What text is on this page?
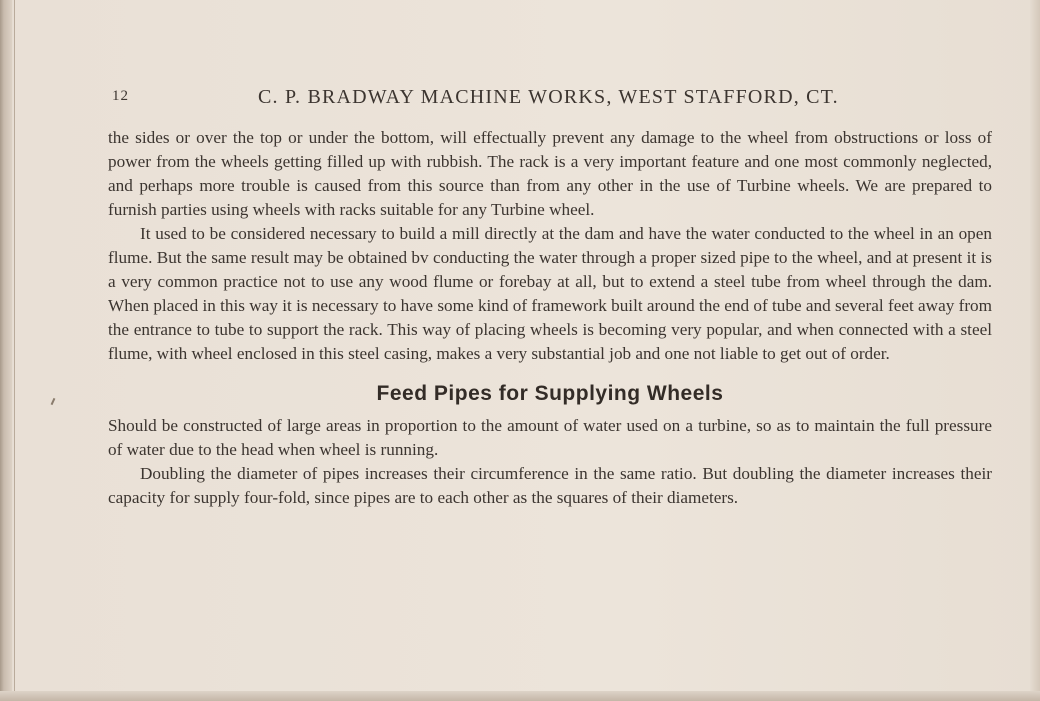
12	C. P. BRADWAY MACHINE WORKS, WEST STAFFORD, CT.

the sides or over the top or under the bottom, will effectually prevent any damage to the wheel from obstructions or loss of power from the wheels getting filled up with rubbish. The rack is a very important feature and one most commonly neglected, and perhaps more trouble is caused from this source than from any other in the use of Turbine wheels. We are prepared to furnish parties using wheels with racks suitable for any Turbine wheel.

It used to be considered necessary to build a mill directly at the dam and have the water conducted to the wheel in an open flume. But the same result may be obtained bv conducting the water through a proper sized pipe to the wheel, and at present it is a very common practice not to use any wood flume or forebay at all, but to extend a steel tube from wheel through the dam. When placed in this way it is necessary to have some kind of framework built around the end of tube and several feet away from the entrance to tube to support the rack. This way of placing wheels is becoming very popular, and when connected with a steel flume, with wheel enclosed in this steel casing, makes a very substantial job and one not liable to get out of order.

Feed Pipes for Supplying Wheels

Should be constructed of large areas in proportion to the amount of water used on a turbine, so as to maintain the full pressure of water due to the head when wheel is running.

Doubling the diameter of pipes increases their circumference in the same ratio. But doubling the diameter increases their capacity for supply four-fold, since pipes are to each other as the squares of their diameters.
